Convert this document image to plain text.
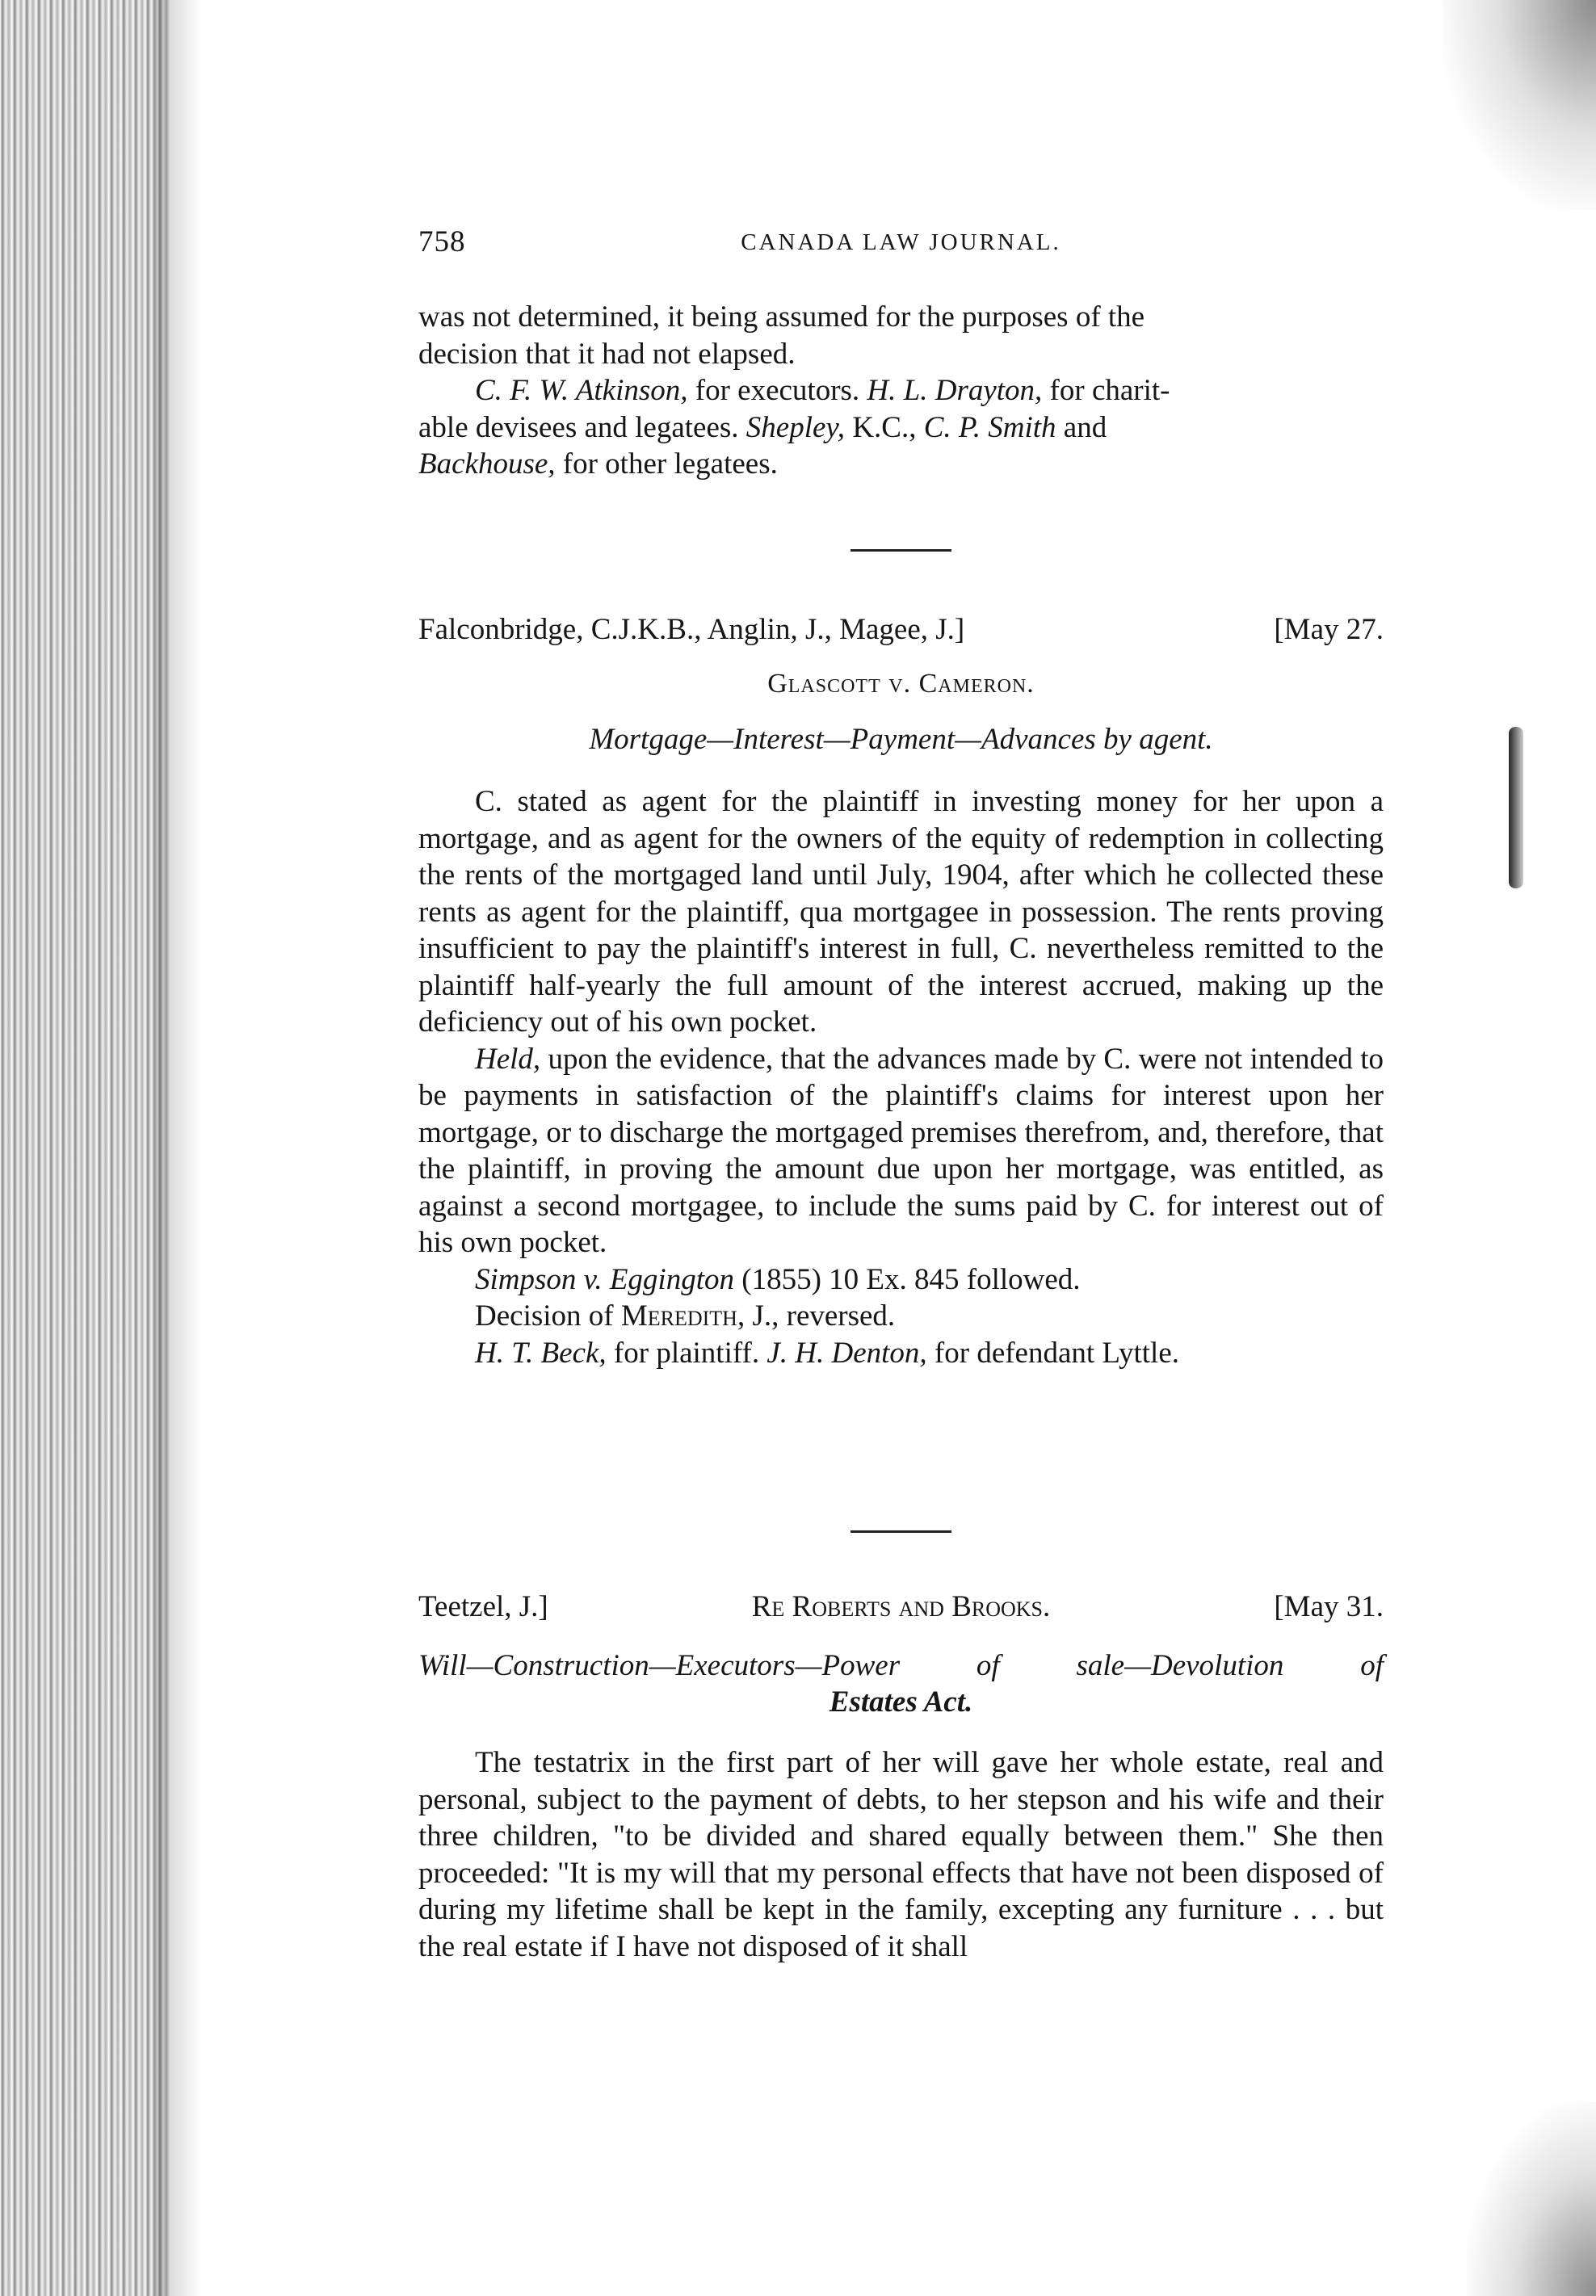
758	CANADA LAW JOURNAL.

was not determined, it being assumed for the purposes of the

decision that it had not elapsed.

C. F. W. Atkinson, for executors. H. L. Drayton, for charit-

able devisees and legatees. Shepley, K.C., C. P. Smith and

Backhouse, for other legatees.

Falconbridge, C.J.K.B., Anglin, J., Magee, J.]	[May 27.
Glascott v. Cameron.
Mortgage—Interest—Payment—Advances by agent.

C. stated as agent for the plaintiff in investing money for her upon a mortgage, and as agent for the owners of the equity of redemption in collecting the rents of the mortgaged land until July, 1904, after which he collected these rents as agent for the plaintiff, qua mortgagee in possession. The rents proving insufficient to pay the plaintiff's interest in full, C. nevertheless remitted to the plaintiff half-yearly the full amount of the interest accrued, making up the deficiency out of his own pocket.

Held, upon the evidence, that the advances made by C. were not intended to be payments in satisfaction of the plaintiff's claims for interest upon her mortgage, or to discharge the mortgaged premises therefrom, and, therefore, that the plaintiff, in proving the amount due upon her mortgage, was entitled, as against a second mortgagee, to include the sums paid by C. for interest out of his own pocket.

Simpson v. Eggington (1855) 10 Ex. 845 followed.

Decision of Meredith, J., reversed.

H. T. Beck, for plaintiff. J. H. Denton, for defendant Lyttle.

Teetzel, J.]	Re Roberts and Brooks.	[May 31.
Will—Construction—Executors—Power of sale—Devolution of
Estates Act.

The testatrix in the first part of her will gave her whole estate, real and personal, subject to the payment of debts, to her stepson and his wife and their three children, "to be divided and shared equally between them." She then proceeded: "It is my will that my personal effects that have not been disposed of during my lifetime shall be kept in the family, excepting any furniture . . . but the real estate if I have not disposed of it shall
